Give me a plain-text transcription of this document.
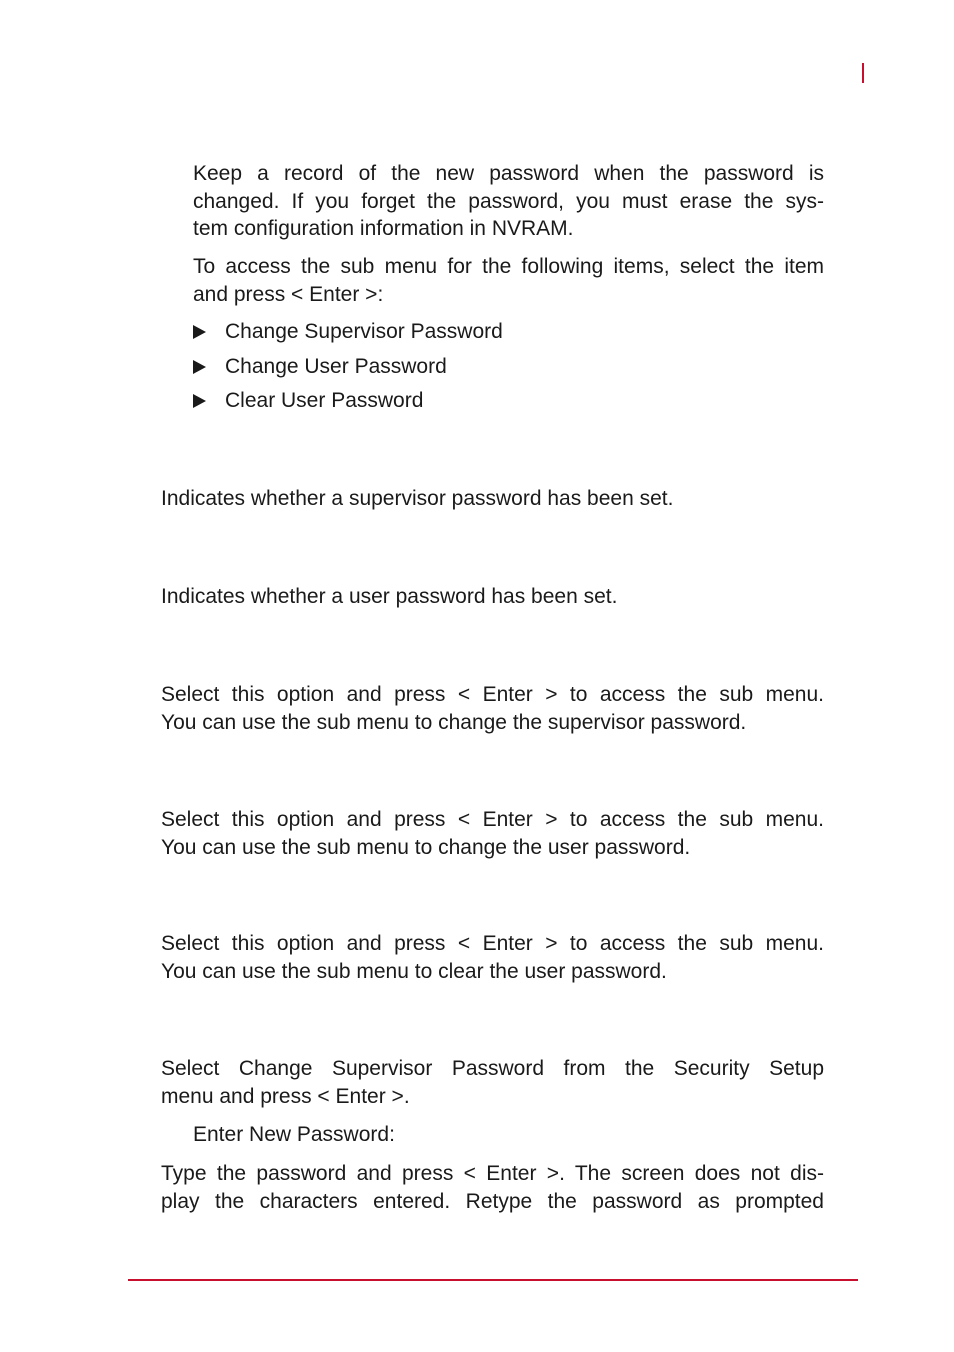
Keep a record of the new password when the password is
changed. If you forget the password, you must erase the sys-
tem configuration information in NVRAM.
To access the sub menu for the following items, select the item
and press < Enter >:
Change Supervisor Password
Change User Password
Clear User Password
Indicates whether a supervisor password has been set.
Indicates whether a user password has been set.
Select this option and press < Enter > to access the sub menu.
You can use the sub menu to change the supervisor password.
Select this option and press < Enter > to access the sub menu.
You can use the sub menu to change the user password.
Select this option and press < Enter > to access the sub menu.
You can use the sub menu to clear the user password.
Select Change Supervisor Password from the Security Setup
menu and press < Enter >.
Enter New Password:
Type the password and press < Enter >. The screen does not dis-
play the characters entered. Retype the password as prompted
